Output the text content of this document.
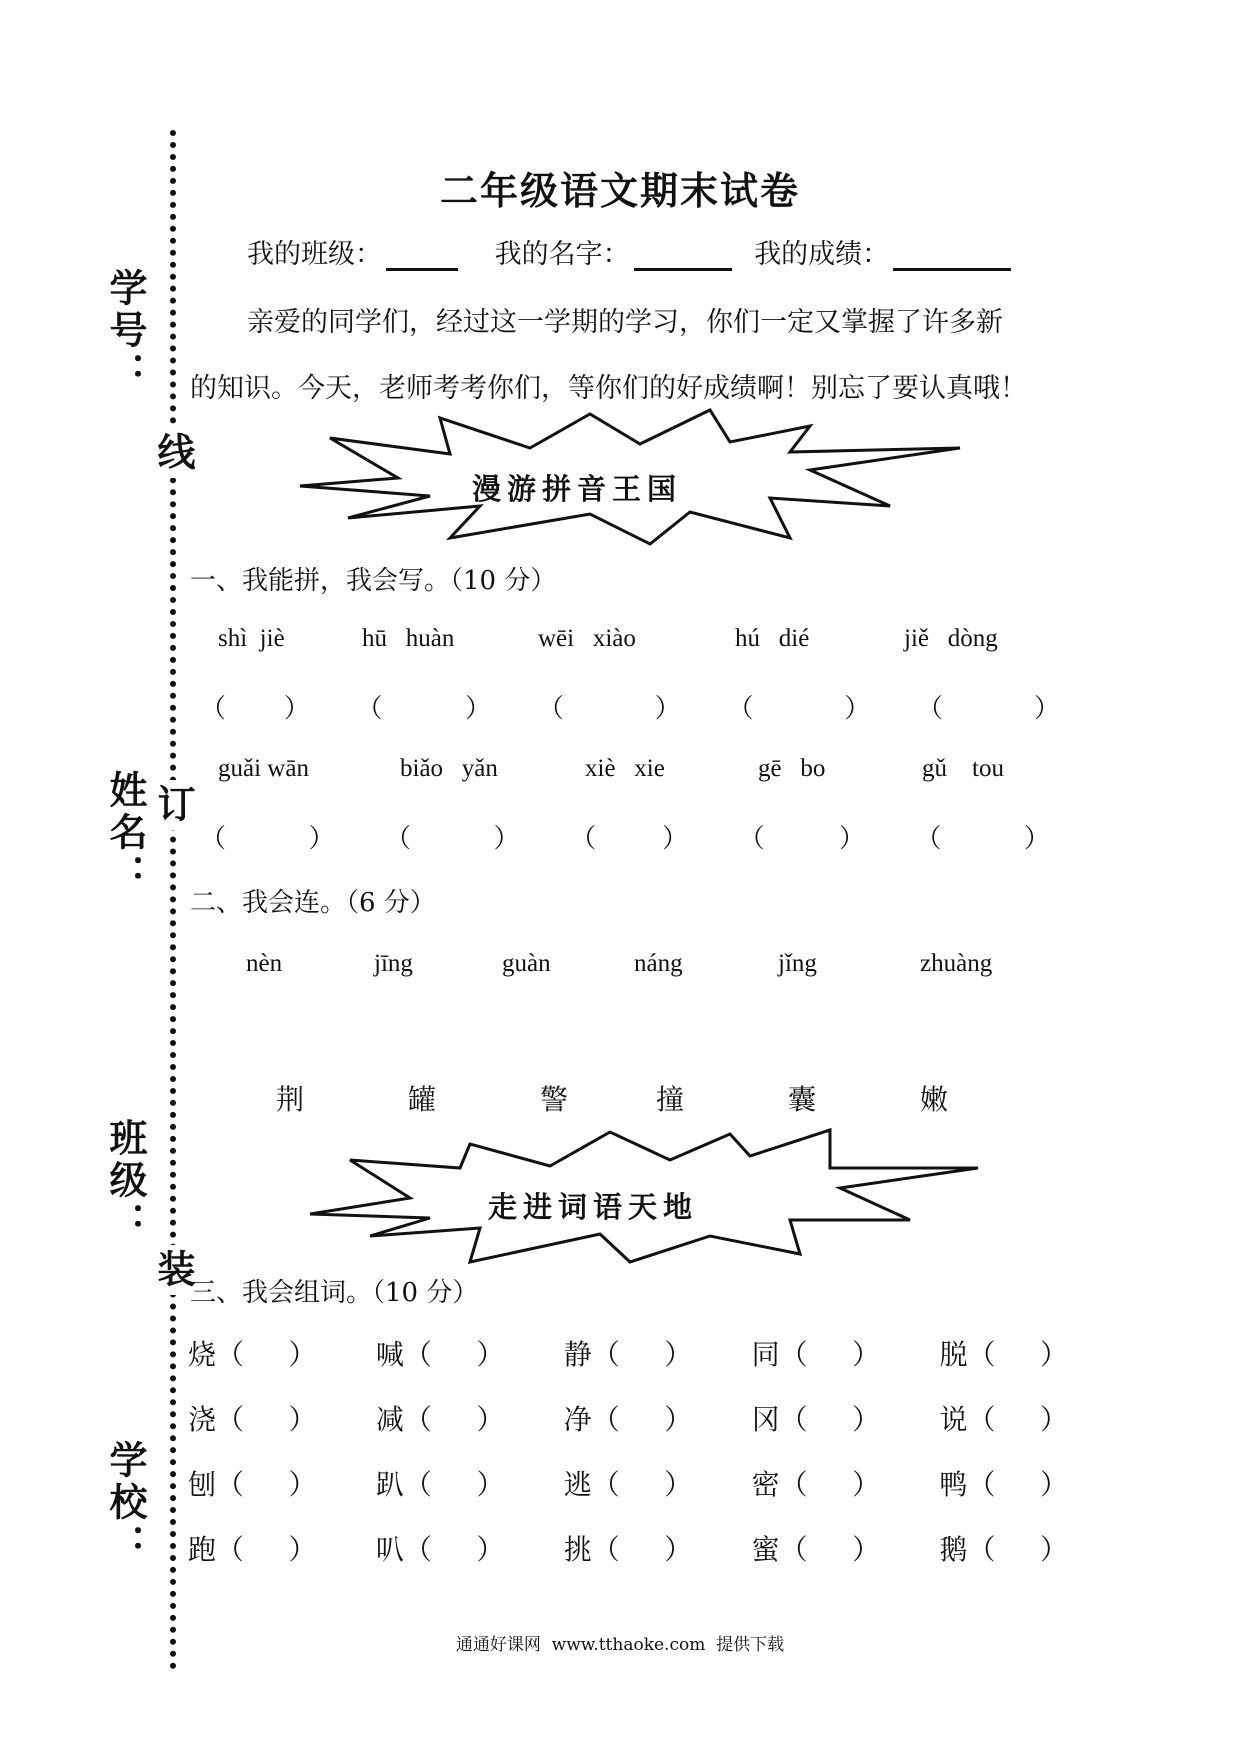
学号：
姓名：
班级：
学校：
线
订
装
二年级语文期末试卷
我的班级：	我的名字：	我的成绩：
亲爱的同学们，经过这一学期的学习，你们一定又掌握了许多新
的知识。今天，老师考考你们，等你们的好成绩啊！别忘了要认真哦！
漫游拼音王国
一、我能拼，我会写。（10 分）
shì  jiè	hū   huàn	wēi   xiào	hú   dié	jiě   dòng
（       ） （          ） （           ） （           ） （           ）
guǎi wān	biǎo   yǎn	xiè   xie	gē   bo	gǔ    tou
（          ） （          ） （        ） （         ） （          ）
二、我会连。（6 分）
nèn	jīng	guàn	náng	jǐng	zhuàng
荆	罐	警	撞	囊	嫩
走进词语天地
三、我会组词。（10 分）
烧（     ） 喊（     ） 静（     ） 同（     ） 脱（     ）
浇（     ） 减（     ） 净（     ） 冈（     ） 说（     ）
刨（     ） 趴（     ） 逃（     ） 密（     ） 鸭（     ）
跑（     ） 叭（     ） 挑（     ） 蜜（     ） 鹅（     ）
通通好课网  www.tthaoke.com  提供下载
